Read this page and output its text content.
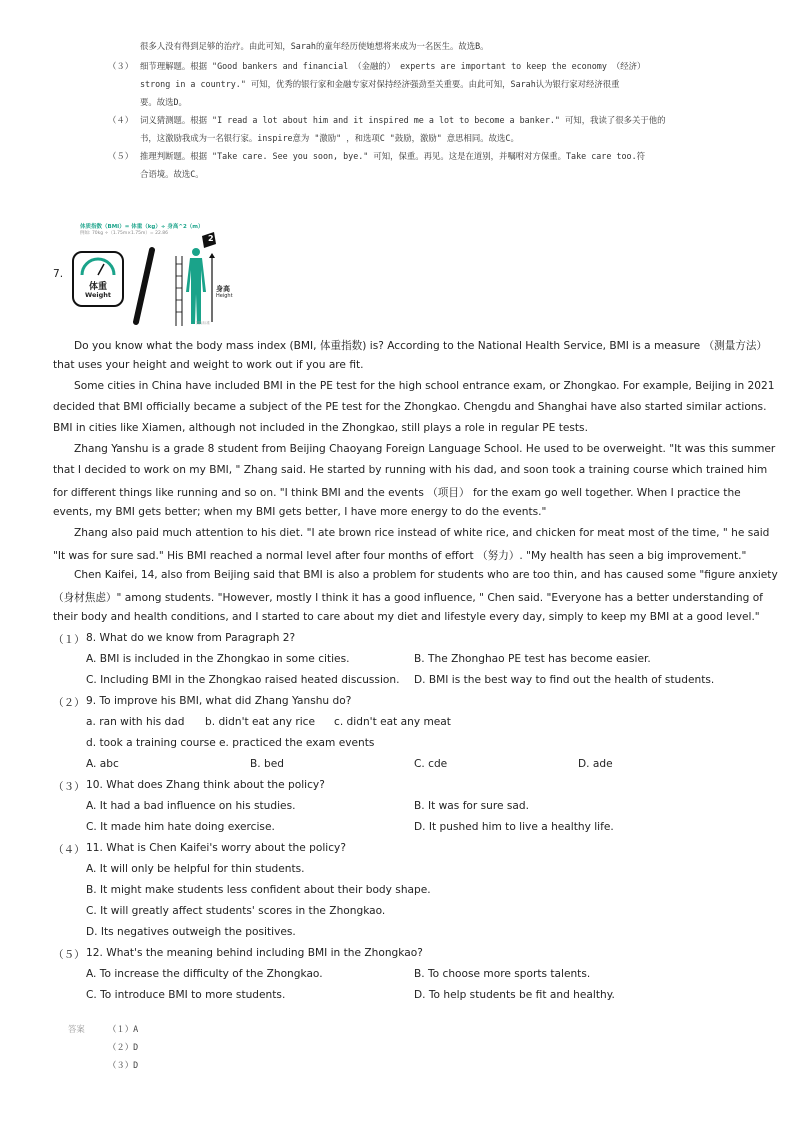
很多人没有得到足够的治疗。由此可知，Sarah的童年经历使她想将来成为一名医生。故选B。
（３） 细节理解题。根据 "Good bankers and financial （金融的） experts are important to keep the economy （经济）
strong in a country." 可知，优秀的银行家和金融专家对保持经济强劲至关重要。由此可知，Sarah认为银行家对经济很重
要。故选D。
（４） 词义猜测题。根据 "I read a lot about him and it inspired me a lot to become a banker." 可知，我读了很多关于他的
书，这激励我成为一名银行家。inspire意为 "激励" ，和选项C "鼓励，激励" 意思相同。故选C。
（５） 推理判断题。根据 "Take care. See you soon, bye." 可知，保重。再见。这是在道别，并嘱咐对方保重。Take care too.符
合语境。故选C。
7.
体质指数（BMI）= 体重（kg）÷ 身高^2（m）
例如: 70kg ÷（1.75m×1.75m）= 22.86
体重
Weight
2
身高
Height
国际标准
Do you know what the body mass index (BMI, 体重指数) is? According to the National Health Service, BMI is a measure （测量方法）
that uses your height and weight to work out if you are fit.
Some cities in China have included BMI in the PE test for the high school entrance exam, or Zhongkao. For example, Beijing in 2021
decided that BMI officially became a subject of the PE test for the Zhongkao. Chengdu and Shanghai have also started similar actions.
BMI in cities like Xiamen, although not included in the Zhongkao, still plays a role in regular PE tests.
Zhang Yanshu is a grade 8 student from Beijing Chaoyang Foreign Language School. He used to be overweight. "It was this summer
that I decided to work on my BMI, " Zhang said. He started by running with his dad, and soon took a training course which trained him
for different things like running and so on. "I think BMI and the events （项目） for the exam go well together. When I practice the
events, my BMI gets better; when my BMI gets better, I have more energy to do the events."
Zhang also paid much attention to his diet. "I ate brown rice instead of white rice, and chicken for meat most of the time, " he said
"It was for sure sad." His BMI reached a normal level after four months of effort （努力）. "My health has seen a big improvement."
Chen Kaifei, 14, also from Beijing said that BMI is also a problem for students who are too thin, and has caused some "figure anxiety
（身材焦虑）" among students. "However, mostly I think it has a good influence, " Chen said. "Everyone has a better understanding of
their body and health conditions, and I started to care about my diet and lifestyle every day, simply to keep my BMI at a good level."
（１） 8. What do we know from Paragraph 2?
A. BMI is included in the Zhongkao in some cities.	B. The Zhonghao PE test has become easier.
C. Including BMI in the Zhongkao raised heated discussion. D. BMI is the best way to find out the health of students.
（２） 9. To improve his BMI, what did Zhang Yanshu do?
a. ran with his dad b. didn't eat any rice c. didn't eat any meat
d. took a training course e. practiced the exam events
A. abc	B. bed	C. cde	D. ade
（３） 10. What does Zhang think about the policy?
A. It had a bad influence on his studies.	B. It was for sure sad.
C. It made him hate doing exercise.	D. It pushed him to live a healthy life.
（４） 11. What is Chen Kaifei's worry about the policy?
A. It will only be helpful for thin students.
B. It might make students less confident about their body shape.
C. It will greatly affect students' scores in the Zhongkao.
D. Its negatives outweigh the positives.
（５） 12. What's the meaning behind including BMI in the Zhongkao?
A. To increase the difficulty of the Zhongkao.	B. To choose more sports talents.
C. To introduce BMI to more students.	D. To help students be fit and healthy.
答案	（１）A
（２）D
（３）D
